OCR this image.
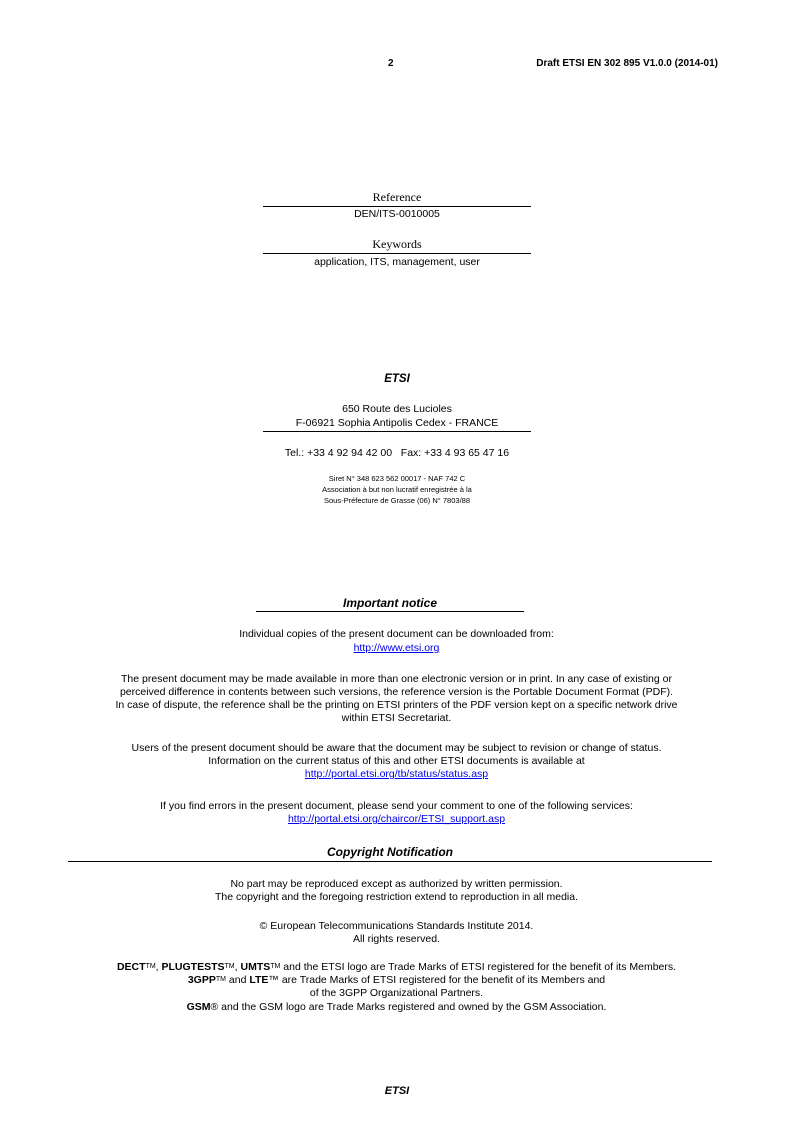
2	Draft ETSI EN 302 895 V1.0.0 (2014-01)
Reference
DEN/ITS-0010005
Keywords
application, ITS, management, user
ETSI
650 Route des Lucioles
F-06921 Sophia Antipolis Cedex - FRANCE
Tel.: +33 4 92 94 42 00   Fax: +33 4 93 65 47 16
Siret N° 348 623 562 00017 - NAF 742 C
Association à but non lucratif enregistrée à la
Sous-Préfecture de Grasse (06) N° 7803/88
Important notice
Individual copies of the present document can be downloaded from:
http://www.etsi.org
The present document may be made available in more than one electronic version or in print. In any case of existing or
perceived difference in contents between such versions, the reference version is the Portable Document Format (PDF).
In case of dispute, the reference shall be the printing on ETSI printers of the PDF version kept on a specific network drive
within ETSI Secretariat.
Users of the present document should be aware that the document may be subject to revision or change of status.
Information on the current status of this and other ETSI documents is available at
http://portal.etsi.org/tb/status/status.asp
If you find errors in the present document, please send your comment to one of the following services:
http://portal.etsi.org/chaircor/ETSI_support.asp
Copyright Notification
No part may be reproduced except as authorized by written permission.
The copyright and the foregoing restriction extend to reproduction in all media.
© European Telecommunications Standards Institute 2014.
All rights reserved.
DECT™, PLUGTESTS™, UMTS™ and the ETSI logo are Trade Marks of ETSI registered for the benefit of its Members.
3GPP™ and LTE™ are Trade Marks of ETSI registered for the benefit of its Members and
of the 3GPP Organizational Partners.
GSM® and the GSM logo are Trade Marks registered and owned by the GSM Association.
ETSI
